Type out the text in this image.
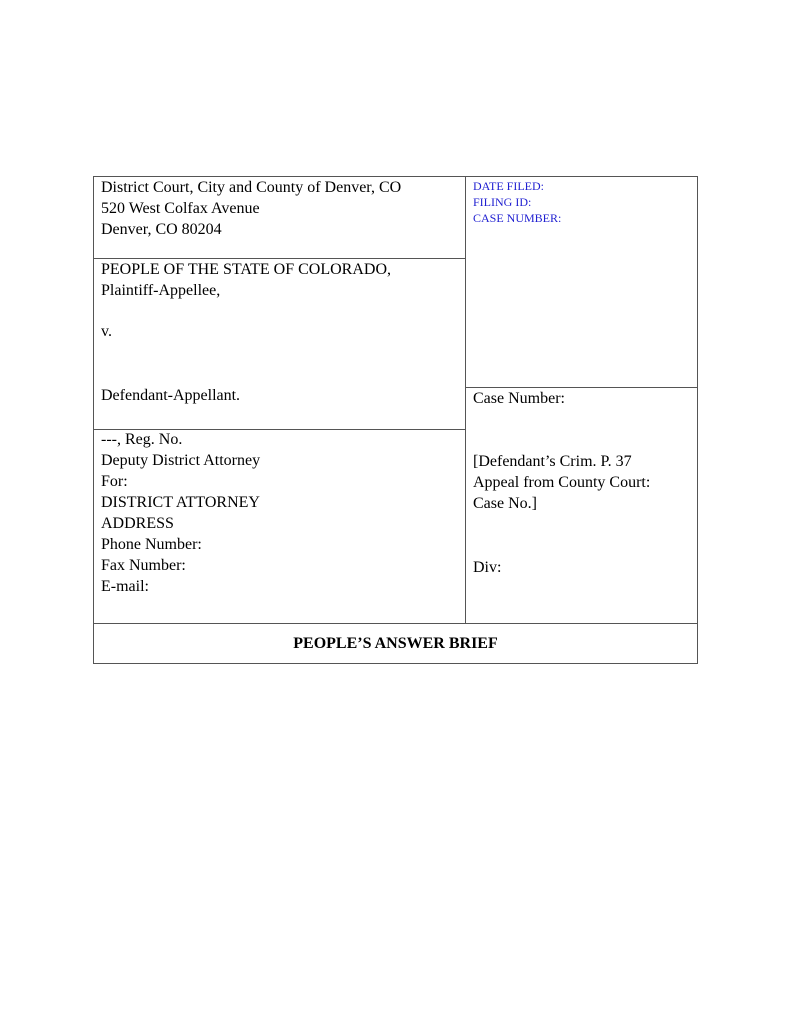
District Court, City and County of Denver, CO
520 West Colfax Avenue
Denver, CO 80204
PEOPLE OF THE STATE OF COLORADO,
Plaintiff-Appellee,
v.
Defendant-Appellant.
---, Reg. No.
Deputy District Attorney
For:
DISTRICT ATTORNEY
ADDRESS
Phone Number:
Fax Number:
E-mail:
DATE FILED:
FILING ID:
CASE NUMBER:
Case Number:
[Defendant’s Crim. P. 37
Appeal from County Court:
Case No.]
Div:
PEOPLE’S ANSWER BRIEF
